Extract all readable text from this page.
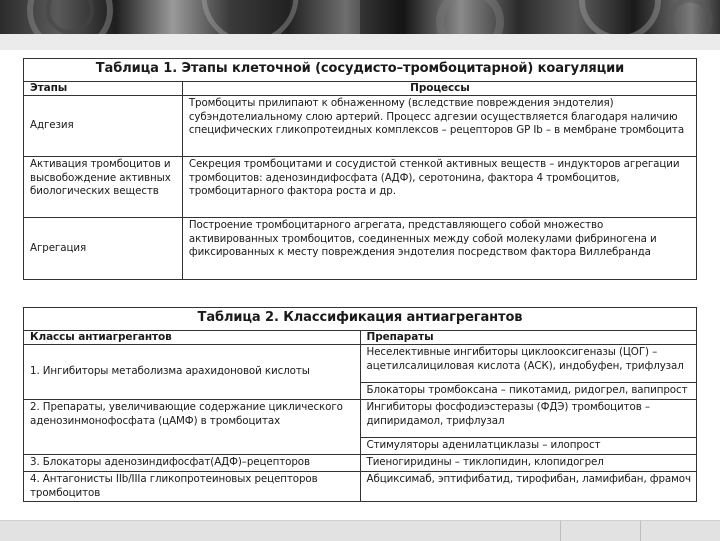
Таблица 1. Этапы клеточной (сосудисто–тромбоцитарной) коагуляции	
Этапы	Процессы
Адгезия	Тромбоциты прилипают к обнаженному (вследствие повреждения эндотелия) субэндотелиальному слою артерий. Процесс адгезии осуществляется благодаря наличию специфических гликопротеидных комплексов – рецепторов GP Ib – в мембране тромбоцита
Активация тромбоцитов и высвобождение активных биологических веществ	Секреция тромбоцитами и сосудистой стенкой активных веществ – индукторов агрегации тромбоцитов: аденозиндифосфата (АДФ), серотонина, фактора 4 тромбоцитов, тромбоцитарного фактора роста и др.
Агрегация	Построение тромбоцитарного агрегата, представляющего собой множество активированных тромбоцитов, соединенных между собой молекулами фибриногена и фиксированных к месту повреждения эндотелия посредством фактора Виллебранда
Таблица 2. Классификация антиагрегантов	
Классы антиагрегантов	Препараты
1. Ингибиторы метаболизма арахидоновой кислоты	Неселективные ингибиторы циклооксигеназы (ЦОГ) – ацетилсалициловая кислота (АСК), индобуфен, трифлузал
	Блокаторы тромбоксана – пикотамид, ридогрел, вапипрост
2. Препараты, увеличивающие содержание циклического аденозинмонофосфата (цАМФ) в тромбоцитах	Ингибиторы фосфодиэстеразы (ФДЭ) тромбоцитов – дипиридамол, трифлузал
	Стимуляторы аденилатциклазы – илопрост
3. Блокаторы аденозиндифосфат(АДФ)–рецепторов	Тиеногиридины – тиклопидин, клопидогрел
4. Антагонисты IIb/IIIa гликопротеиновых рецепторов тромбоцитов	Абциксимаб, эптифибатид, тирофибан, ламифибан, фрамоч
